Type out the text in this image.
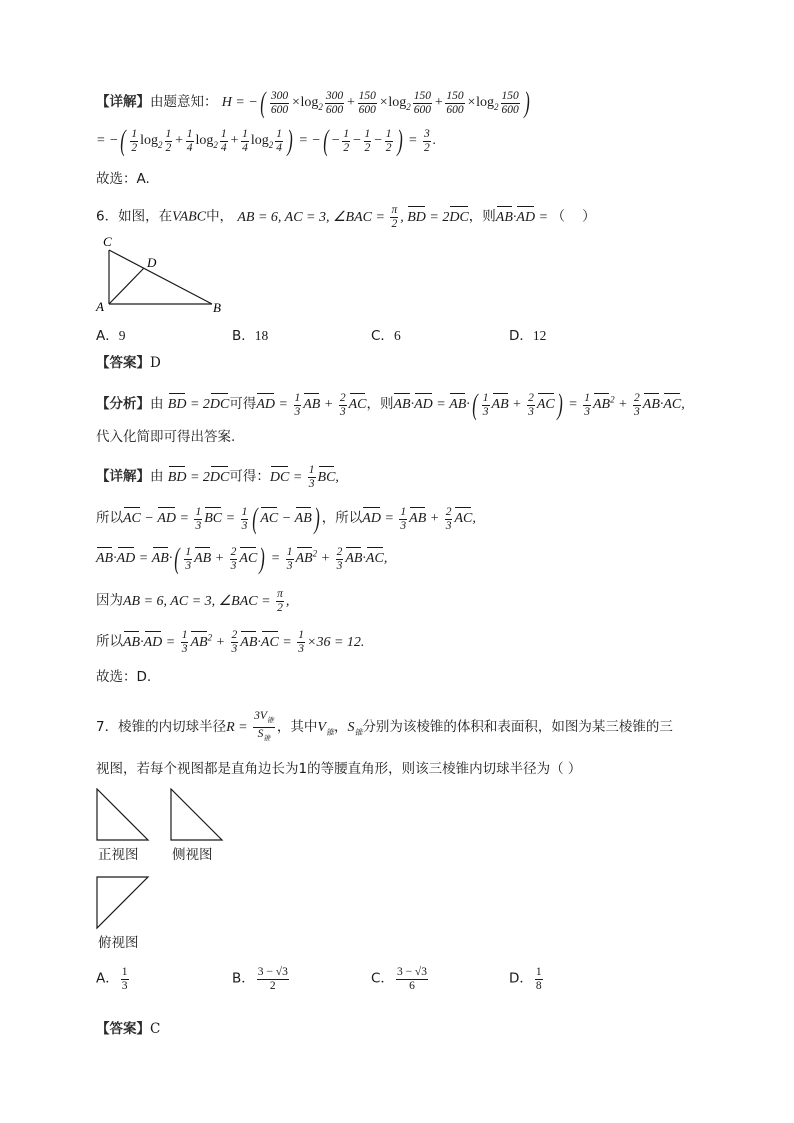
【详解】由题意知： H = −( $\frac{300}{600} \times\log_2 \frac{300}{600} + \frac{150}{600} \times\log_2 \frac{150}{600} + \frac{150}{600} \times\log_2 \frac{150}{600}$ )
= −( $\frac{1}{2} \log_2 \frac{1}{2} + \frac{1}{4} \log_2 \frac{1}{4} + \frac{1}{4} \log_2 \frac{1}{4}$ ) = −( − $\frac{1}{2} - \frac{1}{2} - \frac{1}{2}$ ) = $\frac{3}{2}$ .
故选：A.
6．如图，在VABC中， AB = 6, AC = 3, ∠BAC = $\frac{\pi}{2}$ , BD = 2DC，则AB·AD = （    ）
C
D
A	B
A．9	B．18	C．6	D．12
【答案】D
【分析】由 BD = 2DC可得AD = $\frac{1}{3}$ AB + $\frac{2}{3}$ AC，则$AB\cdot AD = AB\cdot( \frac{1}{3}$ AB + $\frac{2}{3} AC) = \frac{1}{3} AB^2 + \frac{2}{3} AB\cdot AC$,
代入化简即可得出答案.
【详解】由 BD = 2DC可得：DC = $\frac{1}{3}$ BC,
所以AC − AD = $\frac{1}{3}$ BC = $\frac{1}{3}$ ( AC − AB) ，所以AD = $\frac{1}{3}$ AB + $\frac{2}{3}$ AC,
$AB\cdot AD = AB\cdot( \frac{1}{3}$ AB + $\frac{2}{3} AC) = \frac{1}{3} AB^2 + \frac{2}{3} AB\cdot AC$,
因为AB = 6, AC = 3, ∠BAC = $\frac{\pi}{2}$ ,
所以$AB\cdot AD = \frac{1}{3} AB^2 + \frac{2}{3} AB\cdot AC = \frac{1}{3} \times 36 = 12$.
故选：D.
7．棱锥的内切球半径$R = \frac{3V_锥}{S_锥}$ ，其中$V_锥$，$S_锥$分别为该棱锥的体积和表面积，如图为某三棱锥的三
视图，若每个视图都是直角边长为1的等腰直角形，则该三棱锥内切球半径为（ ）
正视图 侧视图
俯视图
A． $\frac{1}{3}$	B． $\frac{3 - √3}{2}$	C． $\frac{3 - √3}{6}$	D． $\frac{1}{8}$
【答案】C
